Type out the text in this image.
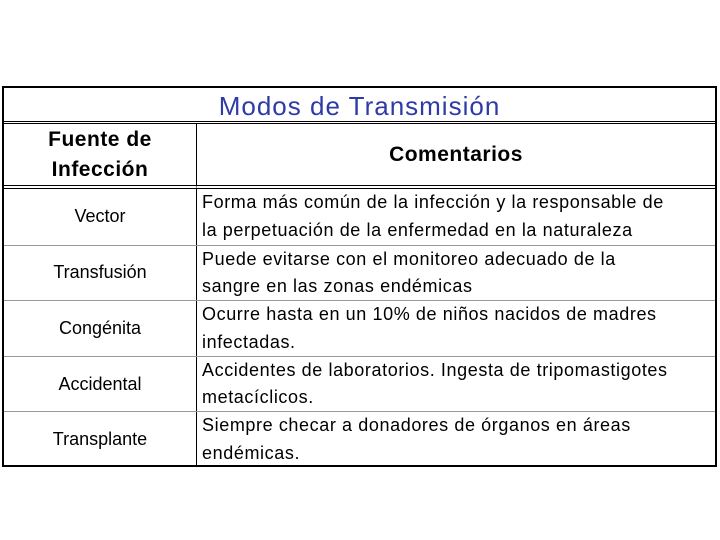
Modos de Transmisión
Fuente de
Infección
Comentarios
Vector
Forma más común de la infección y la responsable de
la perpetuación de la enfermedad en la naturaleza
Transfusión
Puede evitarse con el monitoreo adecuado de la
sangre en las zonas endémicas
Congénita
Ocurre hasta en un 10% de niños nacidos de madres
infectadas.
Accidental
Accidentes de laboratorios. Ingesta de tripomastigotes
metacíclicos.
Transplante
Siempre checar a donadores de órganos en áreas
endémicas.
